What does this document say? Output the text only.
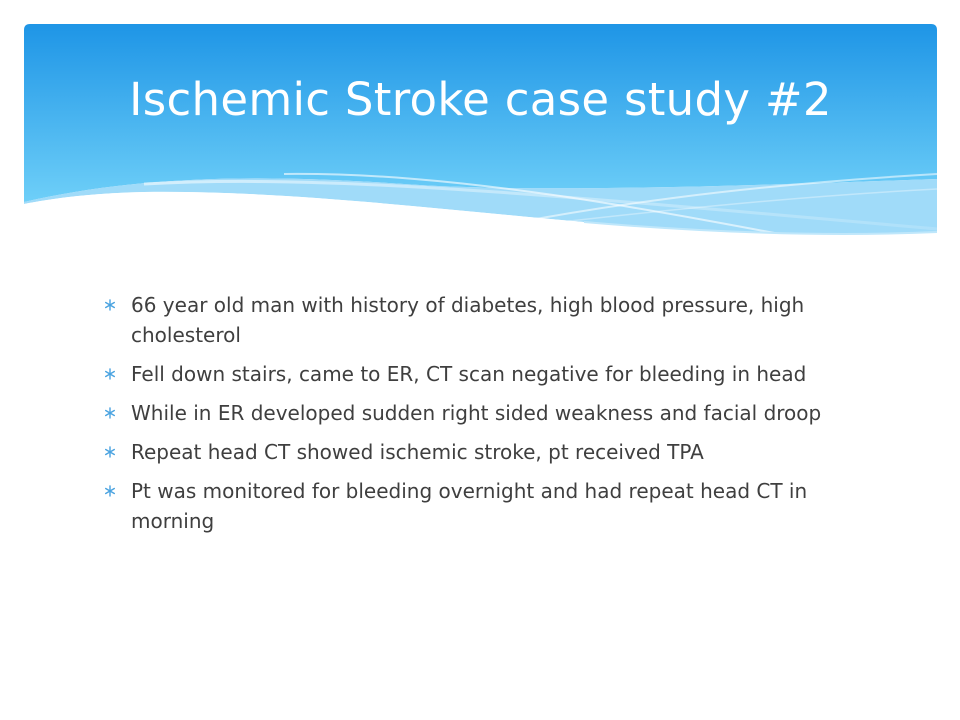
Ischemic Stroke case study #2
66 year old man with history of diabetes, high blood pressure, high cholesterol
Fell down stairs, came to ER, CT scan negative for bleeding in head
While in ER developed sudden right sided weakness and facial droop
Repeat head CT showed ischemic stroke, pt received TPA
Pt was monitored for bleeding overnight and had repeat head CT in morning
